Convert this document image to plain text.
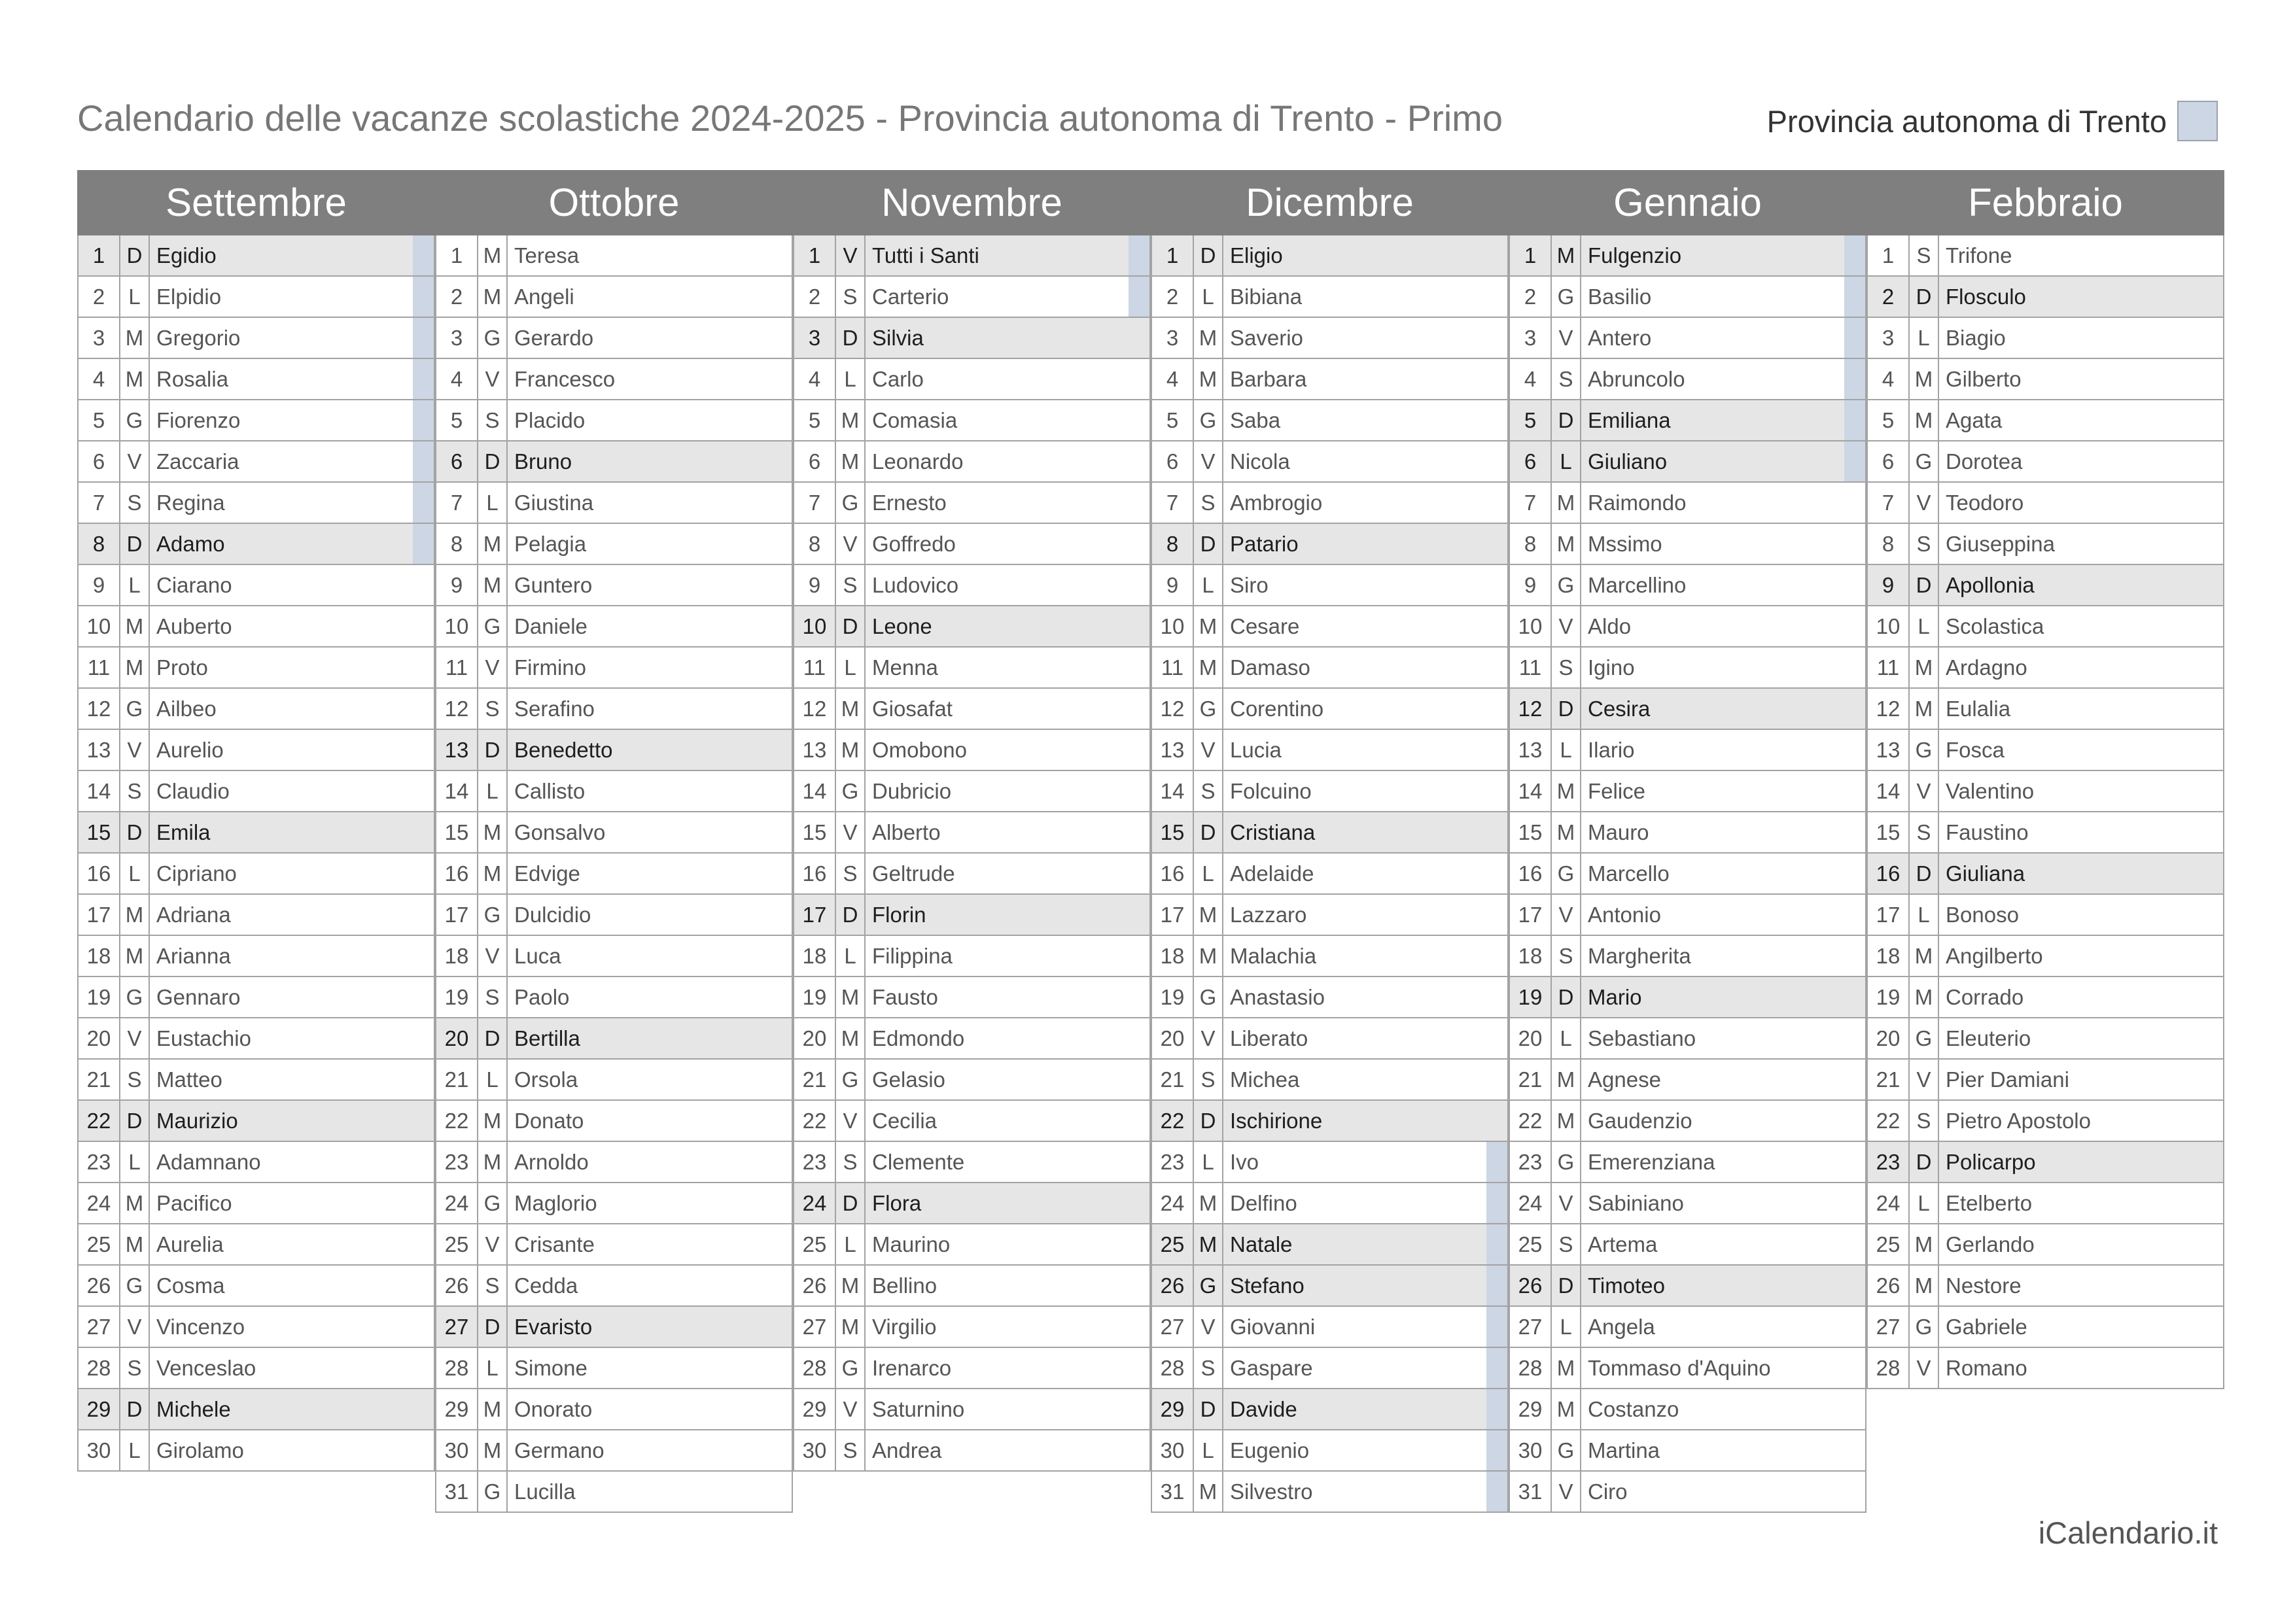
Calendario delle vacanze scolastiche 2024-2025 - Provincia autonoma di Trento - Primo	Provincia autonoma di Trento
Settembre
1	D Egidio
2	L Elpidio
3 M Gregorio
4 M Rosalia
5 G Fiorenzo
6	V Zaccaria
7	S Regina
8	D Adamo
9	L Ciarano
10 M Auberto
11 M Proto
12 G Ailbeo
13 V Aurelio
14 S Claudio
15 D Emila
16 L Cipriano
17 M Adriana
18 M Arianna
19 G Gennaro
20 V Eustachio
21 S Matteo
22 D Maurizio
23 L Adamnano
24 M Pacifico
25 M Aurelia
26 G Cosma
27 V Vincenzo
28 S Venceslao
29 D Michele
30 L Girolamo
Ottobre
1 M Teresa
2 M Angeli
3 G Gerardo
4	V Francesco
5	S Placido
6	D Bruno
7	L Giustina
8 M Pelagia
9 M Guntero
10 G Daniele
11 V Firmino
12 S Serafino
13 D Benedetto
14 L Callisto
15 M Gonsalvo
16 M Edvige
17 G Dulcidio
18 V Luca
19 S Paolo
20 D Bertilla
21 L Orsola
22 M Donato
23 M Arnoldo
24 G Maglorio
25 V Crisante
26 S Cedda
27 D Evaristo
28 L Simone
29 M Onorato
30 M Germano
31 G Lucilla
Novembre
1	V Tutti i Santi
2	S Carterio
3	D Silvia
4	L Carlo
5 M Comasia
6 M Leonardo
7 G Ernesto
8	V Goffredo
9	S Ludovico
10 D Leone
11 L Menna
12 M Giosafat
13 M Omobono
14 G Dubricio
15 V Alberto
16 S Geltrude
17 D Florin
18 L Filippina
19 M Fausto
20 M Edmondo
21 G Gelasio
22 V Cecilia
23 S Clemente
24 D Flora
25 L Maurino
26 M Bellino
27 M Virgilio
28 G Irenarco
29 V Saturnino
30 S Andrea
Dicembre
1	D Eligio
2	L Bibiana
3 M Saverio
4 M Barbara
5 G Saba
6	V Nicola
7	S Ambrogio
8	D Patario
9	L Siro
10 M Cesare
11 M Damaso
12 G Corentino
13 V Lucia
14 S Folcuino
15 D Cristiana
16 L Adelaide
17 M Lazzaro
18 M Malachia
19 G Anastasio
20 V Liberato
21 S Michea
22 D Ischirione
23 L Ivo
24 M Delfino
25 M Natale
26 G Stefano
27 V Giovanni
28 S Gaspare
29 D Davide
30 L Eugenio
31 M Silvestro
Gennaio
1 M Fulgenzio
2 G Basilio
3	V Antero
4	S Abruncolo
5	D Emiliana
6	L Giuliano
7 M Raimondo
8 M Mssimo
9 G Marcellino
10 V Aldo
11 S Igino
12 D Cesira
13 L Ilario
14 M Felice
15 M Mauro
16 G Marcello
17 V Antonio
18 S Margherita
19 D Mario
20 L Sebastiano
21 M Agnese
22 M Gaudenzio
23 G Emerenziana
24 V Sabiniano
25 S Artema
26 D Timoteo
27 L Angela
28 M Tommaso d'Aquino
29 M Costanzo
30 G Martina
31 V Ciro
Febbraio
1	S Trifone
2	D Flosculo
3	L Biagio
4 M Gilberto
5 M Agata
6 G Dorotea
7	V Teodoro
8	S Giuseppina
9	D Apollonia
10 L Scolastica
11 M Ardagno
12 M Eulalia
13 G Fosca
14 V Valentino
15 S Faustino
16 D Giuliana
17 L Bonoso
18 M Angilberto
19 M Corrado
20 G Eleuterio
21 V Pier Damiani
22 S Pietro Apostolo
23 D Policarpo
24 L Etelberto
25 M Gerlando
26 M Nestore
27 G Gabriele
28 V Romano
iCalendario.it
